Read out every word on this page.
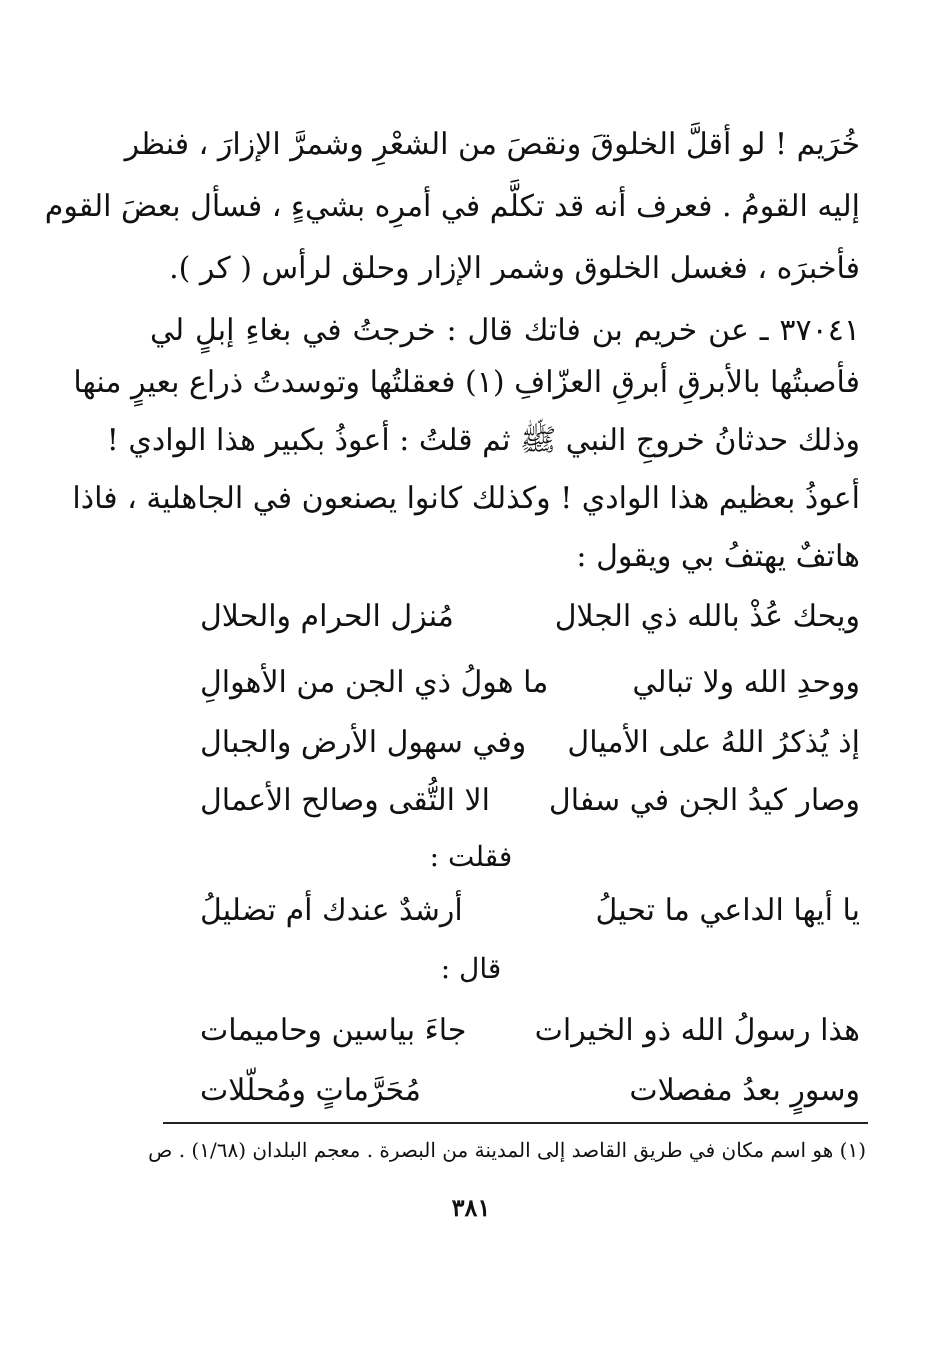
خُرَيم ! لو أقلَّ الخلوقَ ونقصَ من الشعْرِ وشمرَّ الإزارَ ، فنظر
إليه القومُ . فعرف أنه قد تكلَّم في أمرِه بشيءٍ ، فسأل بعضَ القوم
فأخبرَه ، فغسل الخلوق وشمر الإزار وحلق لرأس ( كر ).
٣٧٠٤١ ـ عن خريم بن فاتك قال : خرجتُ في بغاءِ إبلٍ لي
فأصبتُها بالأبرقِ أبرقِ العزّافِ (١) فعقلتُها وتوسدتُ ذراع بعيرٍ منها
وذلك حدثانُ خروجِ النبي ﷺ ثم قلتُ : أعوذُ بكبير هذا الوادي !
أعوذُ بعظيم هذا الوادي ! وكذلك كانوا يصنعون في الجاهلية ، فاذا
هاتفٌ يهتفُ بي ويقول :
ويحك عُذْ بالله ذي الجلال
مُنزل الحرام والحلال
ووحدِ الله ولا تبالي
ما هولُ ذي الجن من الأهوالِ
إذ يُذكرُ اللهُ على الأميال
وفي سهول الأرض والجبال
وصار كيدُ الجن في سفال
الا التُّقى وصالح الأعمال
فقلت :
يا أيها الداعي ما تحيلُ
أرشدٌ عندك أم تضليلُ
قال :
هذا رسولُ الله ذو الخيرات
جاءَ بياسين وحاميمات
وسورٍ بعدُ مفصلات
مُحَرَّماتٍ ومُحلّلات
(١) هو اسم مكان في طريق القاصد إلى المدينة من البصرة . معجم البلدان (١/٦٨) . ص
٣٨١
